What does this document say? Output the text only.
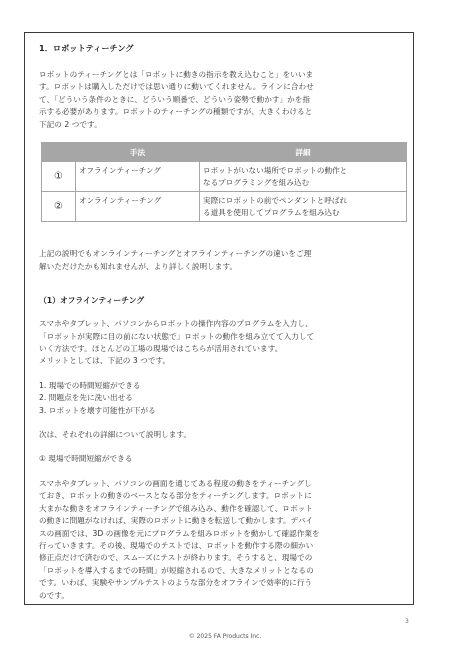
1．ロボットティーチング
ロボットのティーチングとは「ロボットに動きの指示を教え込むこと」をいいま
す。ロボットは購入しただけでは思い通りに動いてくれません。ラインに合わせ
て、「どういう条件のときに、どういう順番で、どういう姿勢で動かす」かを指
示する必要があります。ロボットのティーチングの種類ですが、大きくわけると
下記の 2 つです。
	手法	詳細
①	オフラインティーチング	ロボットがいない場所でロボットの動作と
なるプログラミングを組み込む

②	オンラインティーチング	実際にロボットの前でペンダントと呼ばれ
る道具を使用してプログラムを組み込む
上記の説明でもオンラインティーチングとオフラインティーチングの違いをご理
解いただけたかも知れませんが、より詳しく説明します。
（1）オフラインティーチング
スマホやタブレット、パソコンからロボットの操作内容のプログラムを入力し、
「ロボットが実際に目の前にない状態で」ロボットの動作を組み立てて入力して
いく方法です。ほとんどの工場の現場ではこちらが活用されています。
メリットとしては、下記の 3 つです。
1. 現場での時間短縮ができる
2. 問題点を先に洗い出せる
3. ロボットを壊す可能性が下がる
次は、それぞれの詳細について説明します。
① 現場で時間短縮ができる
スマホやタブレット、パソコンの画面を通じてある程度の動きをティーチングし
ておき、ロボットの動きのベースとなる部分をティーチングします。ロボットに
大まかな動きをオフラインティーチングで組み込み、動作を確認して、ロボット
の動きに問題がなければ、実際のロボットに動きを転送して動かします。デバイ
スの画面では、3D の画像を元にプログラムを組みロボットを動かして確認作業を
行っていきます。その後、現場でのテストでは、ロボットを動作する際の細かい
修正点だけで済むので、スムーズにテストが終わります。そうすると、現場での
「ロボットを導入するまでの時間」が短縮されるので、大きなメリットとなるの
です。いわば、実験やサンプルテストのような部分をオフラインで効率的に行う
のです。
3
© 2025 FA Products Inc.
